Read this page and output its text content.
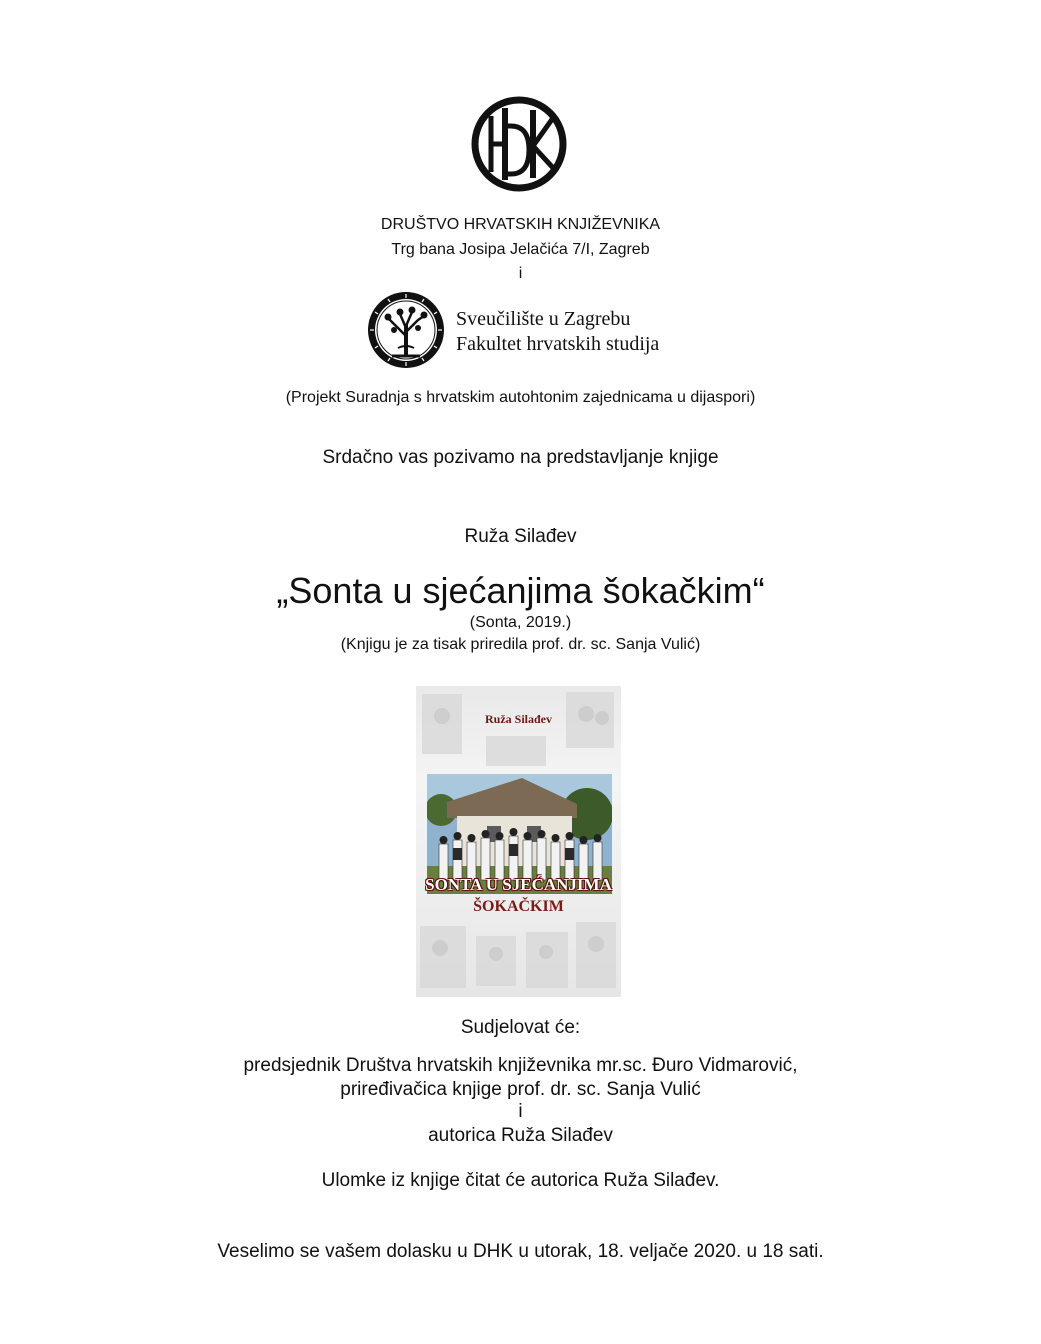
DRUŠTVO HRVATSKIH KNJIŽEVNIKA
Trg bana Josipa Jelačića 7/I, Zagreb
i
Sveučilište u Zagrebu
Fakultet hrvatskih studija
(Projekt Suradnja s hrvatskim autohtonim zajednicama u dijaspori)
Srdačno vas pozivamo na predstavljanje knjige
Ruža Silađev
„Sonta u sjećanjima šokačkim“
(Sonta, 2019.)
(Knjigu je za tisak priredila prof. dr. sc. Sanja Vulić)
Ruža Silađev
SONTA U SJEĆANJIMA
ŠOKAČKIM
Sudjelovat će:
predsjednik Društva hrvatskih književnika mr.sc. Đuro Vidmarović,
priređivačica knjige prof. dr. sc. Sanja Vulić
i
autorica Ruža Silađev
Ulomke iz knjige čitat će autorica Ruža Silađev.
Veselimo se vašem dolasku u DHK u utorak, 18. veljače 2020. u 18 sati.
